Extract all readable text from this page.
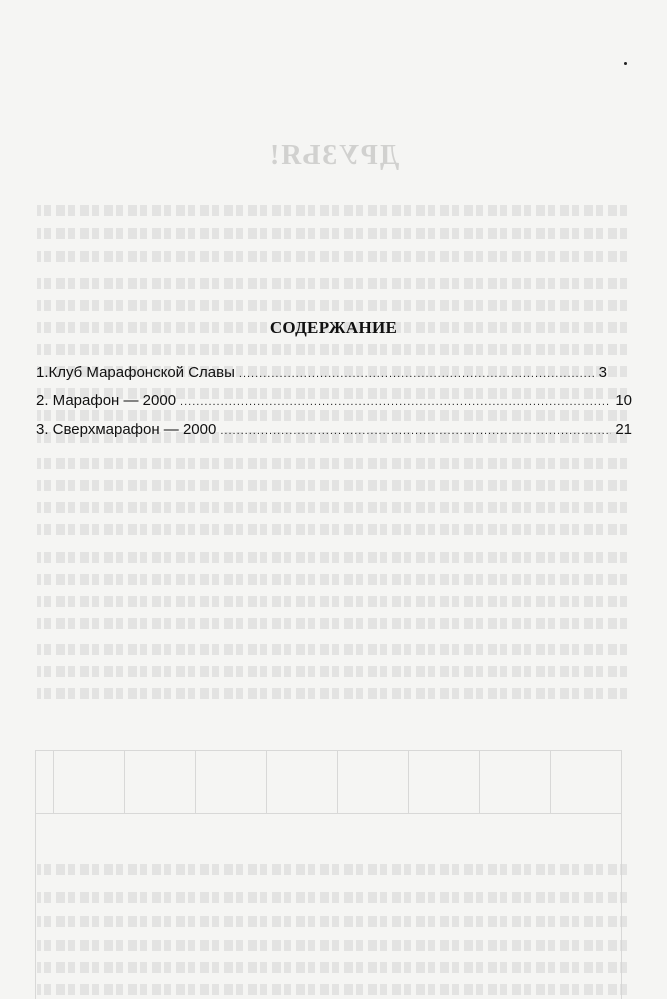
ДРУЗЬЯ!
СОДЕРЖАНИЕ
1.Клуб Марафонской Славы .....	3
2. Марафон — 2000 .....	10
3. Сверхмарафон — 2000 .....	21
